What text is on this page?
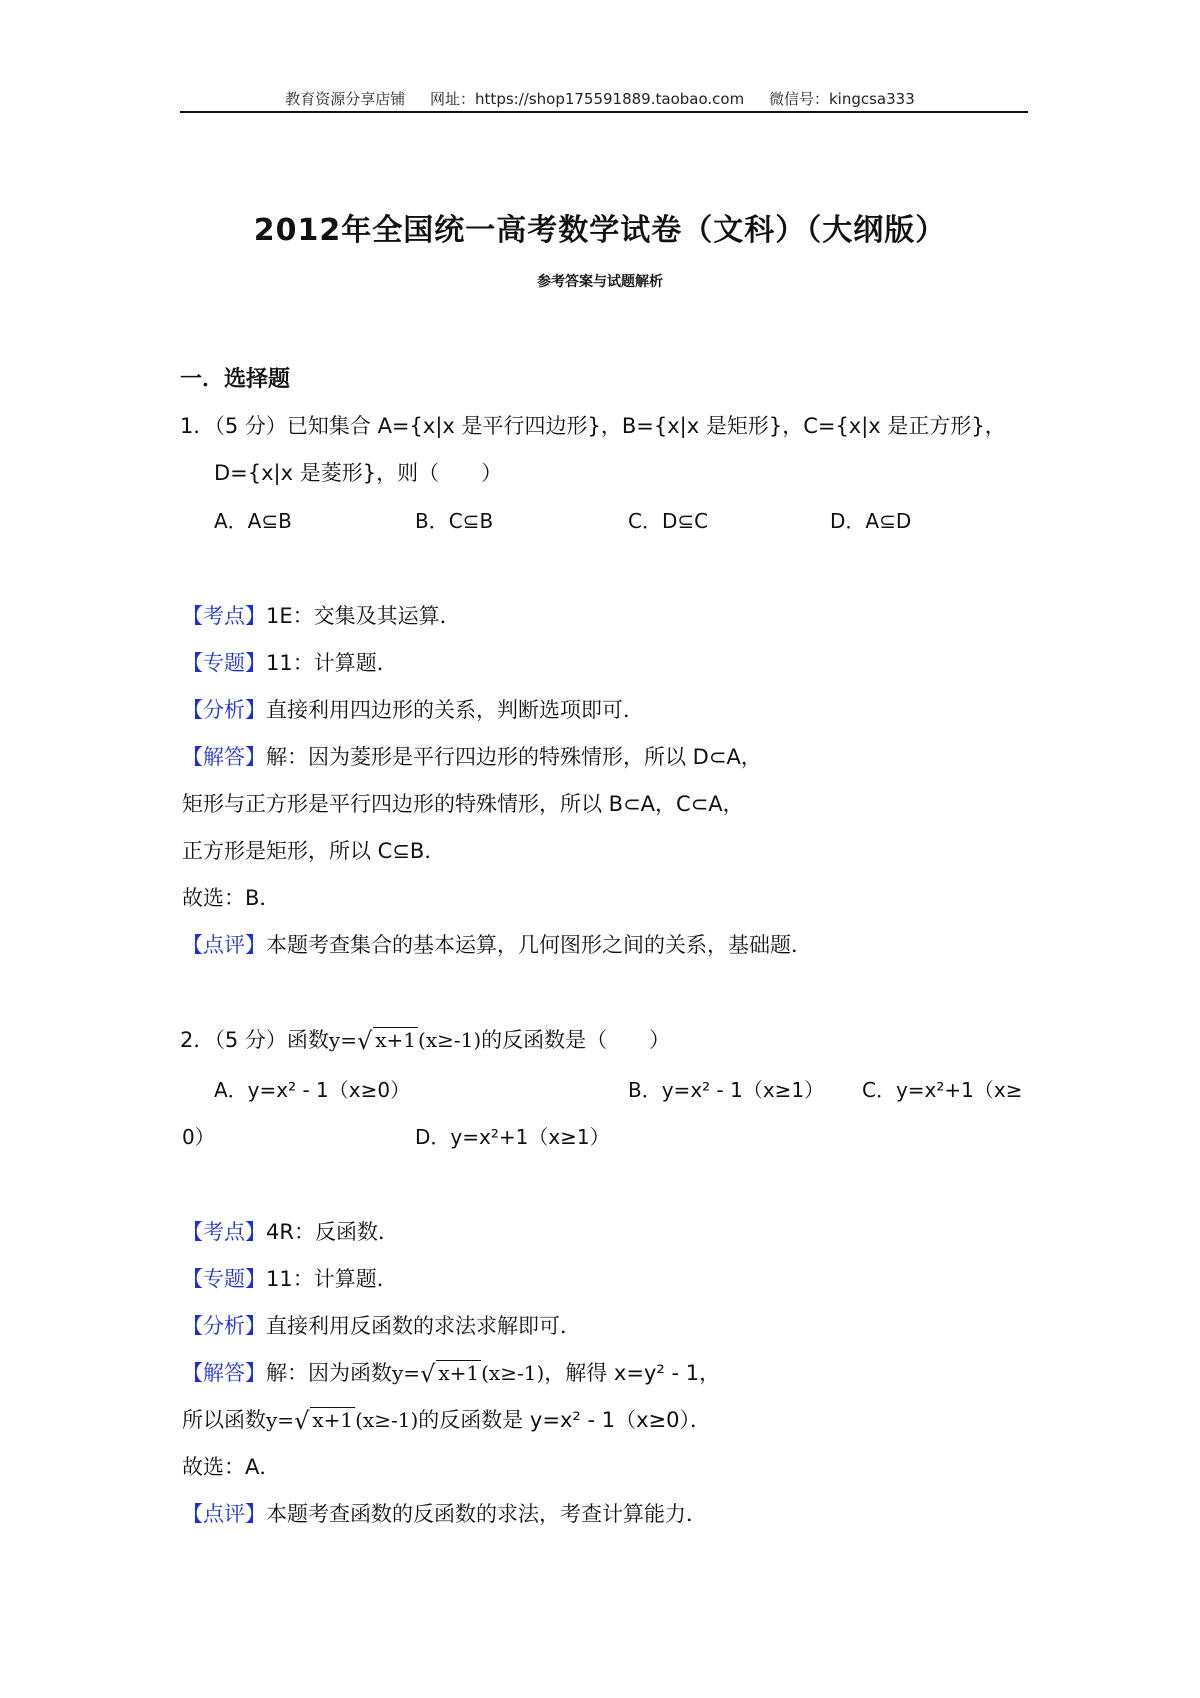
教育资源分享店铺 网址：https://shop175591889.taobao.com 微信号：kingcsa333
2012年全国统一高考数学试卷（文科）（大纲版）
参考答案与试题解析
一．选择题
1．（5 分）已知集合 A={x|x 是平行四边形}，B={x|x 是矩形}，C={x|x 是正方形}，
D={x|x 是菱形}，则（　　）
A．A⊆B	B．C⊆B	C．D⊆C	D．A⊆D
【考点】1E：交集及其运算．
【专题】11：计算题．
【分析】直接利用四边形的关系，判断选项即可．
【解答】解：因为菱形是平行四边形的特殊情形，所以 D⊂A，
矩形与正方形是平行四边形的特殊情形，所以 B⊂A，C⊂A，
正方形是矩形，所以 C⊆B．
故选：B．
【点评】本题考查集合的基本运算，几何图形之间的关系，基础题．
2．（5 分）函数y=√ x+1 (x≥-1)的反函数是（　　）
A．y=x² - 1（x≥0）	B．y=x² - 1（x≥1） C．y=x²+1（x≥
0）	D．y=x²+1（x≥1）
【考点】4R：反函数．
【专题】11：计算题．
【分析】直接利用反函数的求法求解即可．
【解答】解：因为函数y=√ x+1 (x≥-1)，解得 x=y² - 1，
所以函数y=√ x+1 (x≥-1)的反函数是 y=x² - 1（x≥0）．
故选：A．
【点评】本题考查函数的反函数的求法，考查计算能力．
